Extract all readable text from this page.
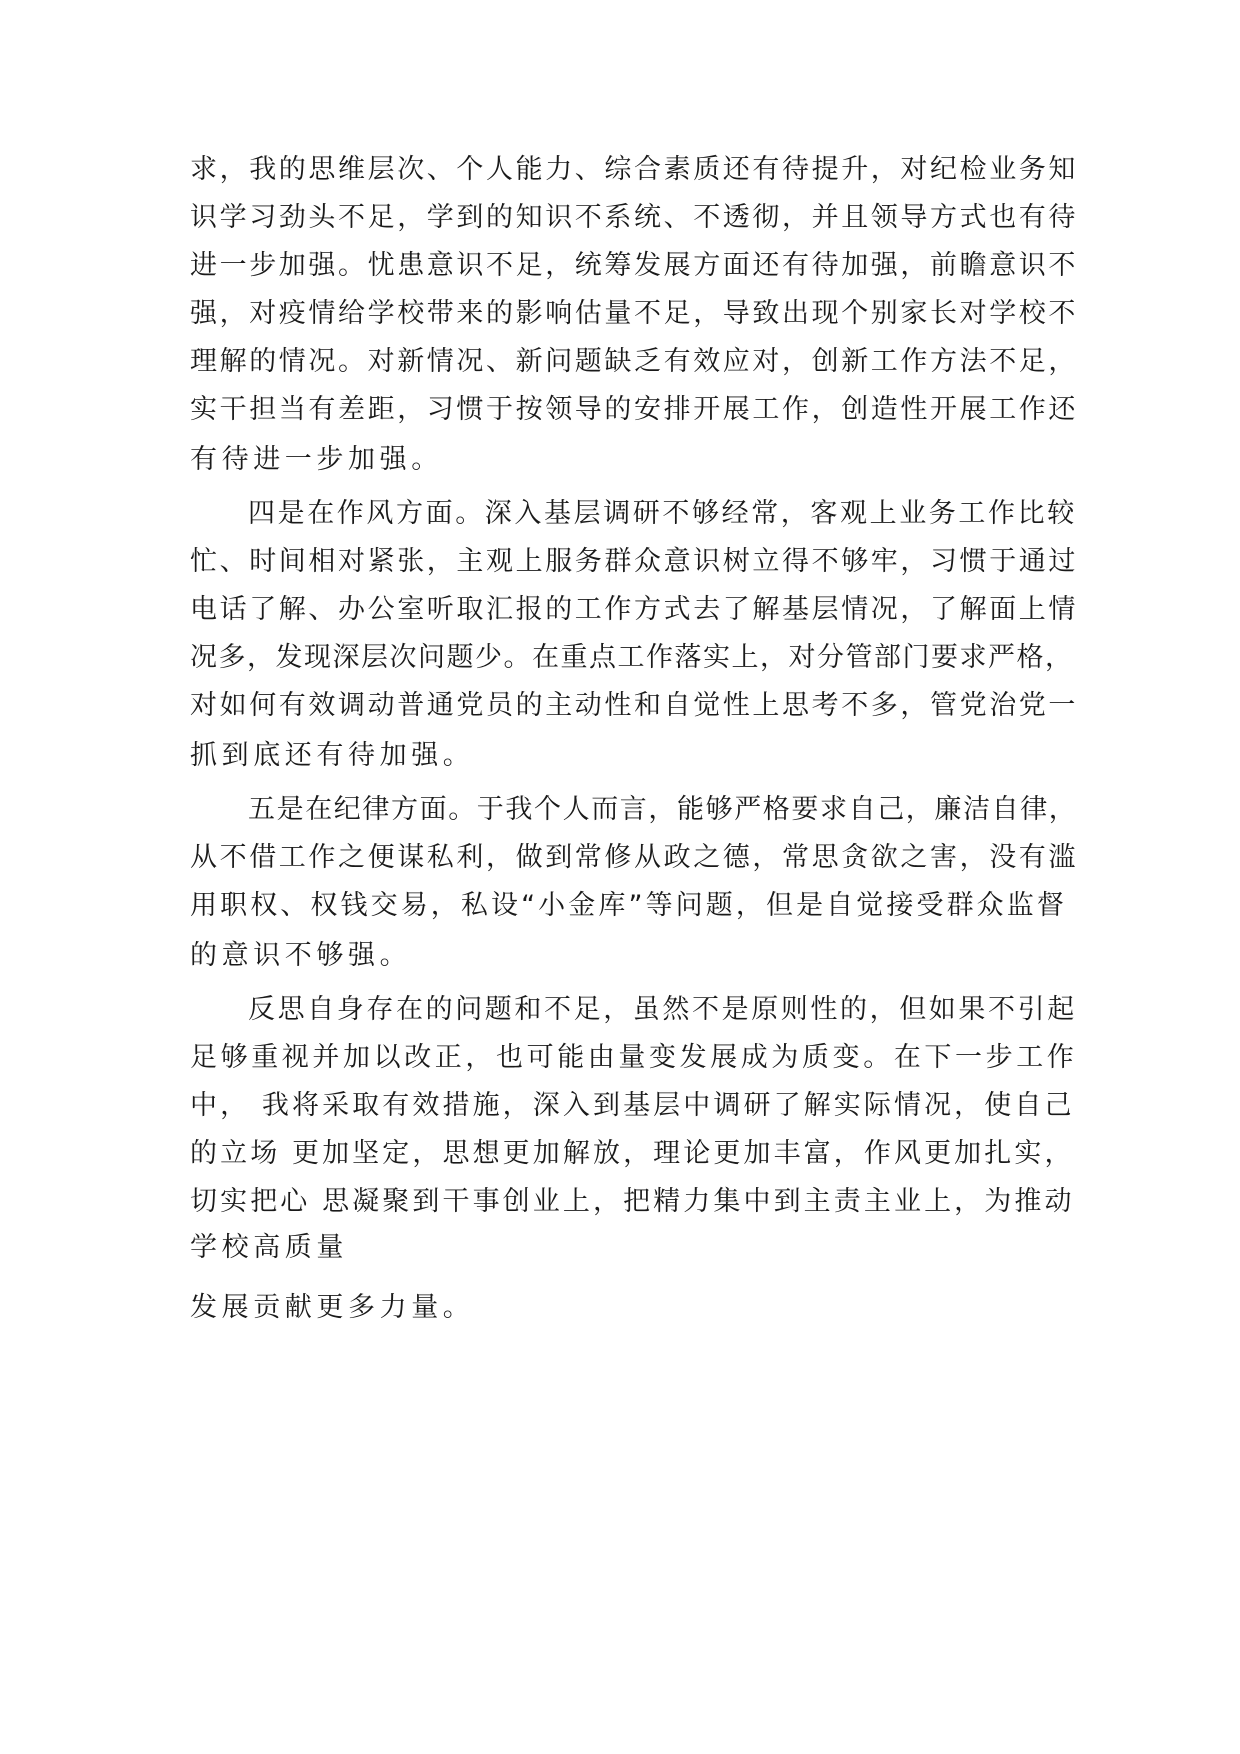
求，我的思维层次、个人能力、综合素质还有待提升，对纪检业务知
识学习劲头不足，学到的知识不系统、不透彻，并且领导方式也有待
进一步加强。忧患意识不足，统筹发展方面还有待加强，前瞻意识不
强，对疫情给学校带来的影响估量不足，导致出现个别家长对学校不
理解的情况。对新情况、新问题缺乏有效应对，创新工作方法不足，
实干担当有差距，习惯于按领导的安排开展工作，创造性开展工作还
有待进一步加强。
四是在作风方面。深入基层调研不够经常，客观上业务工作比较
忙、时间相对紧张，主观上服务群众意识树立得不够牢，习惯于通过
电话了解、办公室听取汇报的工作方式去了解基层情况，了解面上情
况多，发现深层次问题少。在重点工作落实上，对分管部门要求严格，
对如何有效调动普通党员的主动性和自觉性上思考不多，管党治党一
抓到底还有待加强。
五是在纪律方面。于我个人而言，能够严格要求自己，廉洁自律，
从不借工作之便谋私利，做到常修从政之德，常思贪欲之害，没有滥
用职权、权钱交易，私设“小金库”等问题，但是自觉接受群众监督
的意识不够强。
反思自身存在的问题和不足，虽然不是原则性的，但如果不引起
足够重视并加以改正，也可能由量变发展成为质变。在下一步工作
中， 我将采取有效措施，深入到基层中调研了解实际情况，使自己
的立场 更加坚定，思想更加解放，理论更加丰富，作风更加扎实，
切实把心 思凝聚到干事创业上，把精力集中到主责主业上，为推动
学校高质量
发展贡献更多力量。
